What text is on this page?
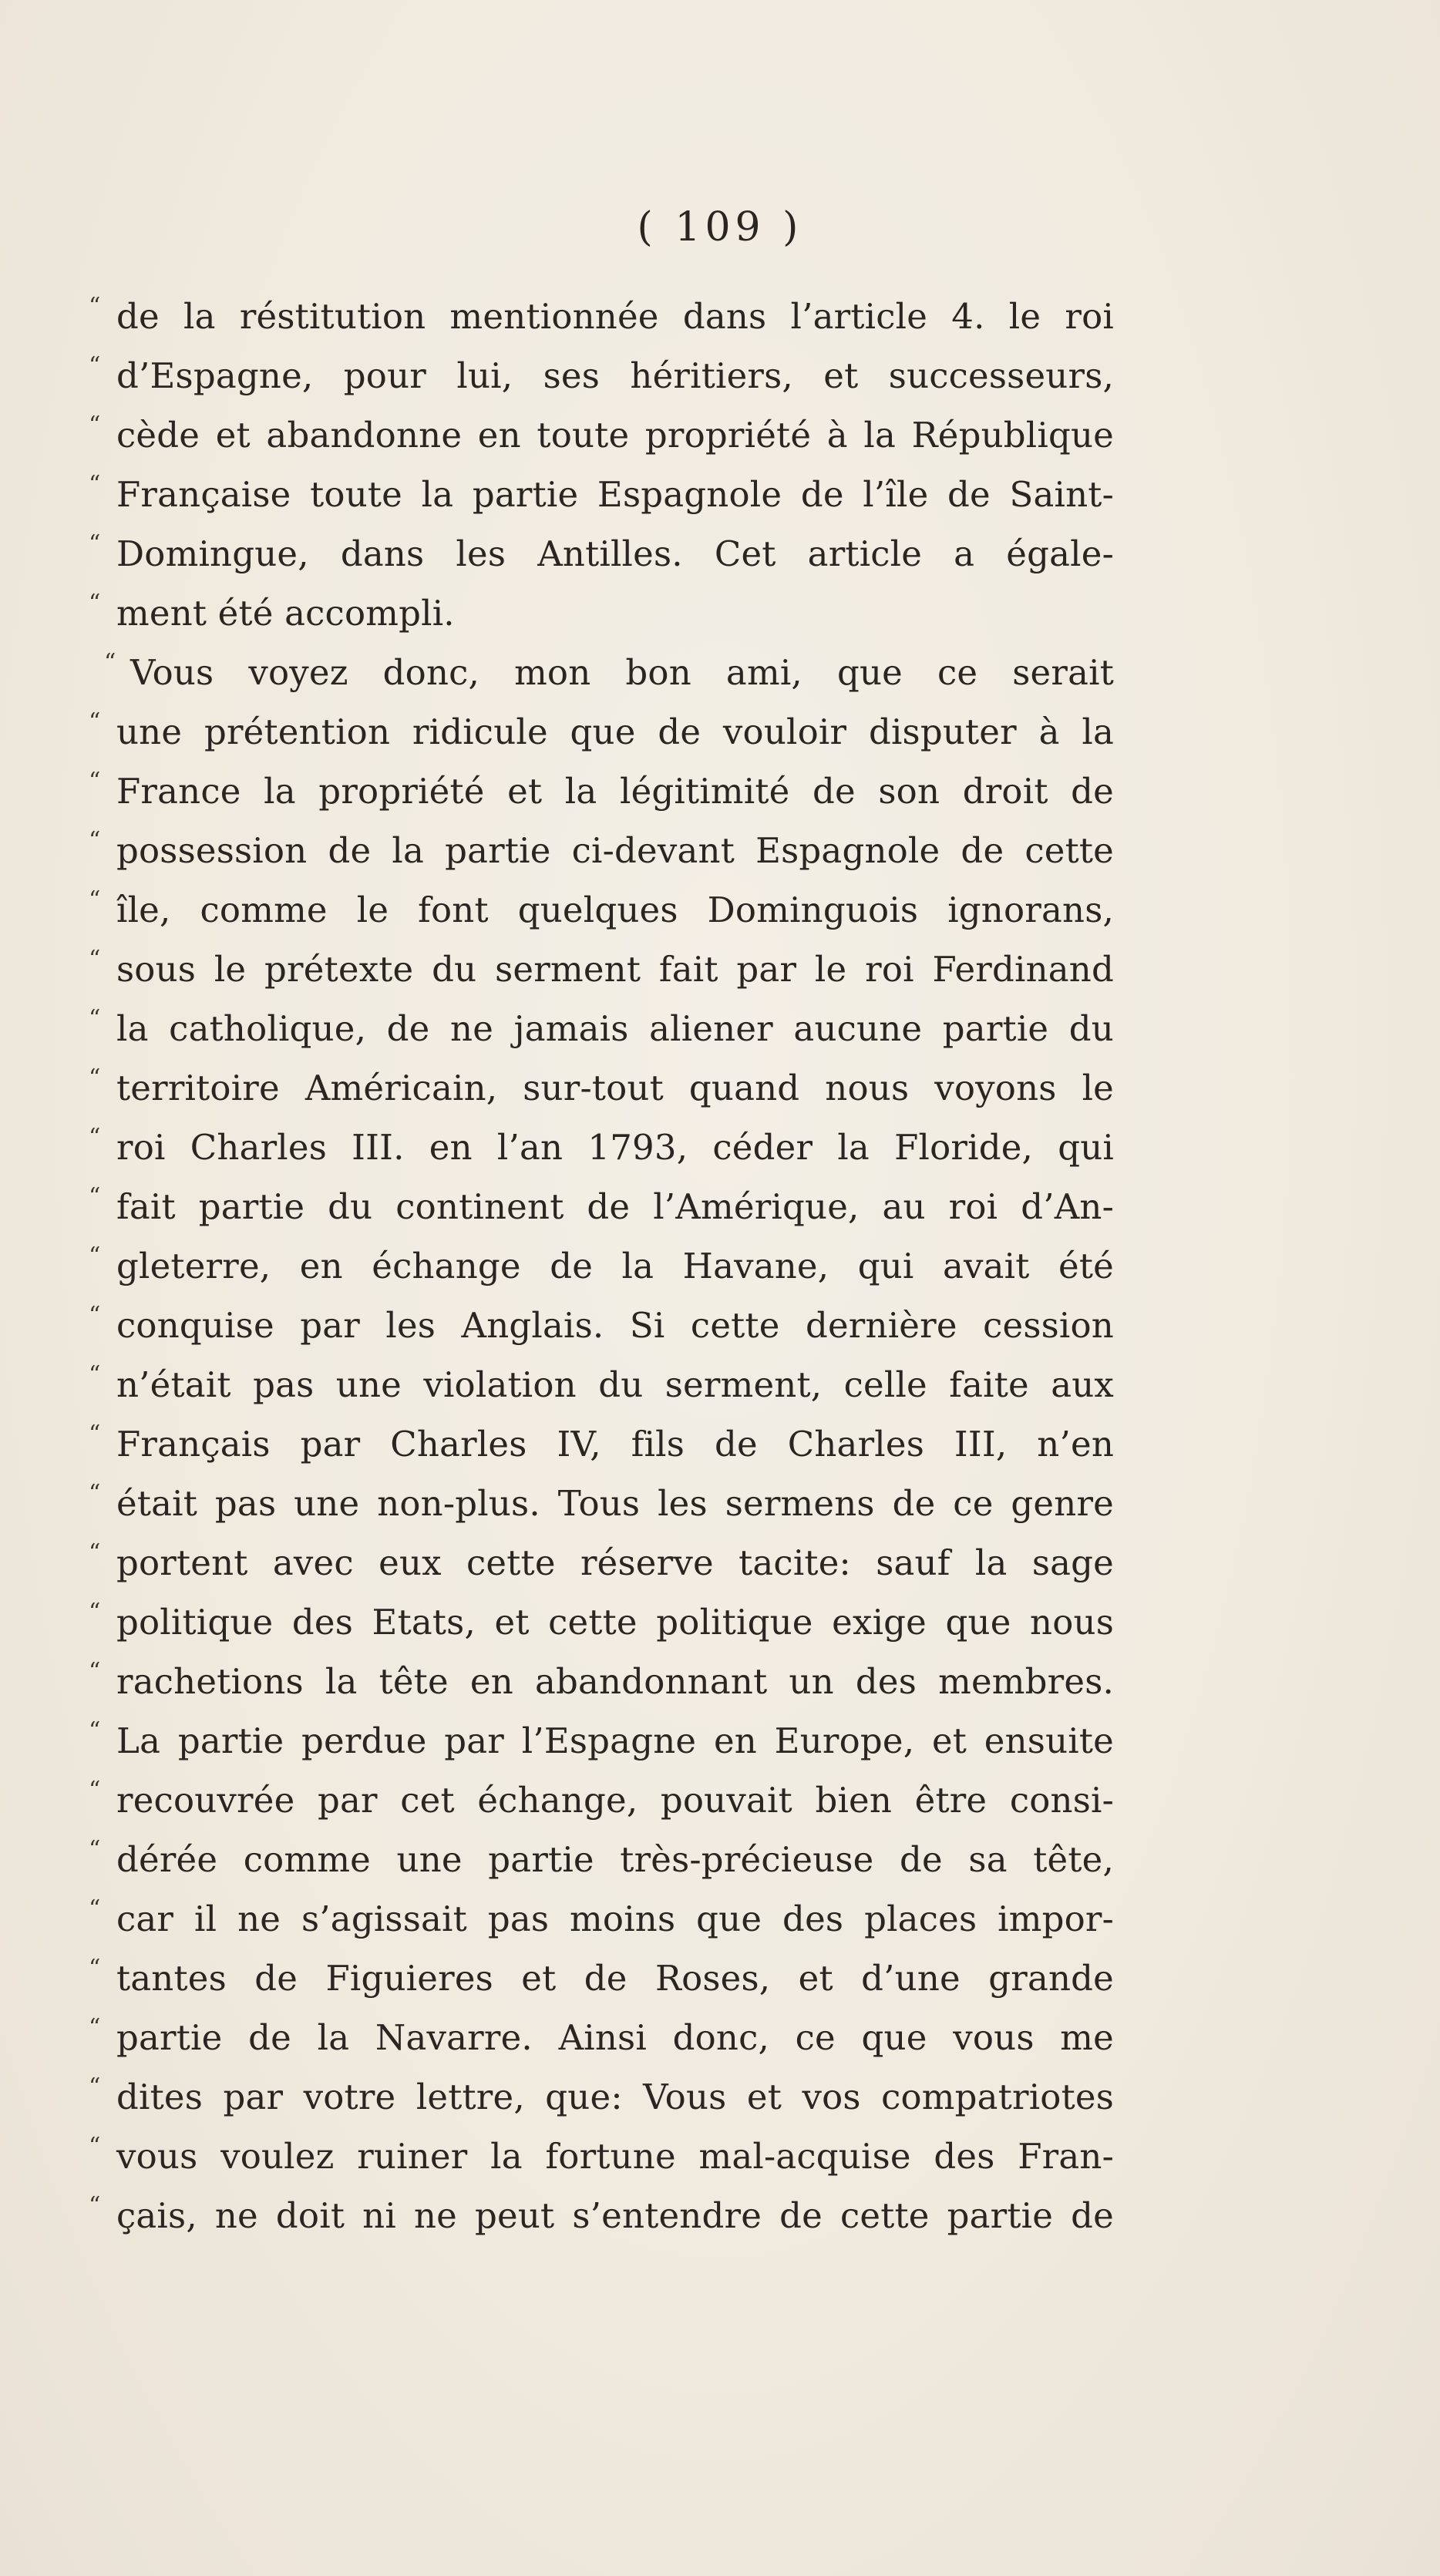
( 109 )
“ de la réstitution mentionnée dans l’article 4. le roi
“ d’Espagne, pour lui, ses héritiers, et successeurs,
“ cède et abandonne en toute propriété à la République
“ Française toute la partie Espagnole de l’île de Saint-
“ Domingue, dans les Antilles. Cet article a égale-
“ ment été accompli.
“ Vous voyez donc, mon bon ami, que ce serait
“ une prétention ridicule que de vouloir disputer à la
“ France la propriété et la légitimité de son droit de
“ possession de la partie ci-devant Espagnole de cette
“ île, comme le font quelques Dominguois ignorans,
“ sous le prétexte du serment fait par le roi Ferdinand
“ la catholique, de ne jamais aliener aucune partie du
“ territoire Américain, sur-tout quand nous voyons le
“ roi Charles III. en l’an 1793, céder la Floride, qui
“ fait partie du continent de l’Amérique, au roi d’An-
“ gleterre, en échange de la Havane, qui avait été
“ conquise par les Anglais. Si cette dernière cession
“ n’était pas une violation du serment, celle faite aux
“ Français par Charles IV, fils de Charles III, n’en
“ était pas une non-plus. Tous les sermens de ce genre
“ portent avec eux cette réserve tacite: sauf la sage
“ politique des Etats, et cette politique exige que nous
“ rachetions la tête en abandonnant un des membres.
“ La partie perdue par l’Espagne en Europe, et ensuite
“ recouvrée par cet échange, pouvait bien être consi-
“ dérée comme une partie très-précieuse de sa tête,
“ car il ne s’agissait pas moins que des places impor-
“ tantes de Figuieres et de Roses, et d’une grande
“ partie de la Navarre. Ainsi donc, ce que vous me
“ dites par votre lettre, que: Vous et vos compatriotes
“ vous voulez ruiner la fortune mal-acquise des Fran-
“ çais, ne doit ni ne peut s’entendre de cette partie de
